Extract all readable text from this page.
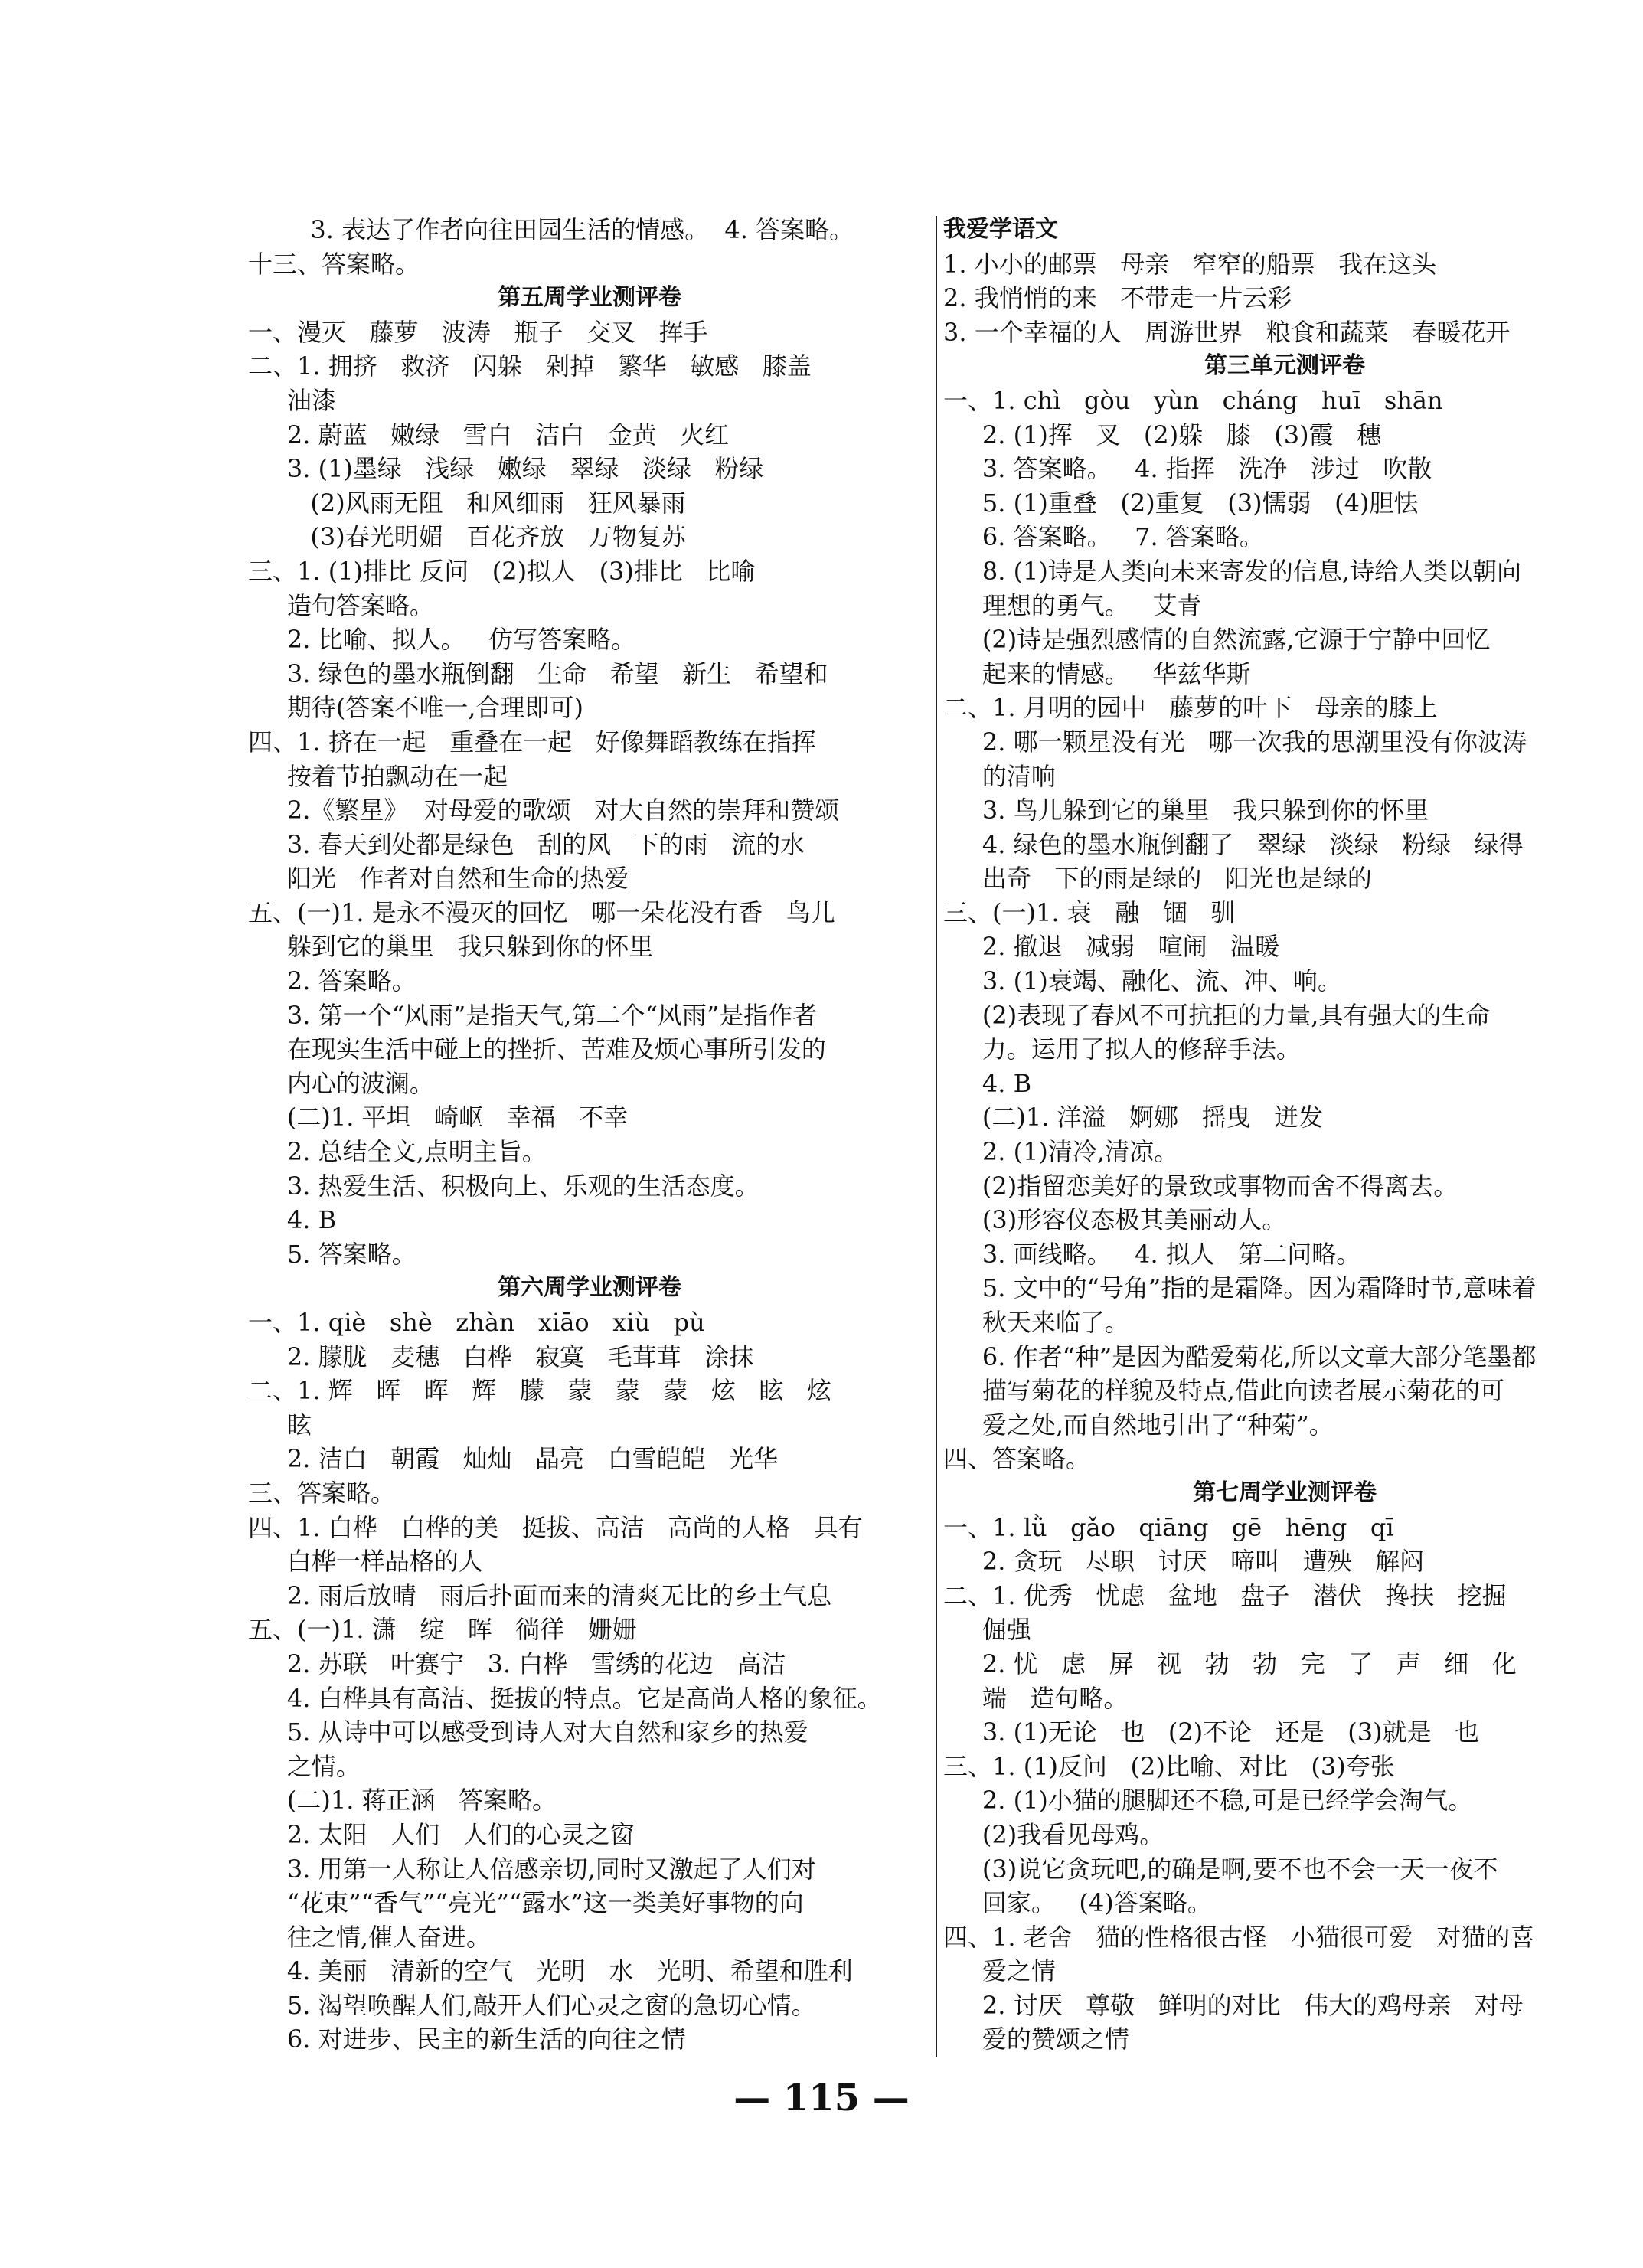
3. 表达了作者向往田园生活的情感。  4. 答案略。
十三、答案略。
第五周学业测评卷
一、漫灭   藤萝   波涛   瓶子   交叉   挥手
二、1. 拥挤   救济   闪躲   剁掉   繁华   敏感   膝盖
油漆
2. 蔚蓝   嫩绿   雪白   洁白   金黄   火红
3. (1)墨绿   浅绿   嫩绿   翠绿   淡绿   粉绿
(2)风雨无阻   和风细雨   狂风暴雨
(3)春光明媚   百花齐放   万物复苏
三、1. (1)排比 反问   (2)拟人   (3)排比   比喻
造句答案略。
2. 比喻、拟人。   仿写答案略。
3. 绿色的墨水瓶倒翻   生命   希望   新生   希望和
期待(答案不唯一,合理即可)
四、1. 挤在一起   重叠在一起   好像舞蹈教练在指挥
按着节拍飘动在一起
2.《繁星》  对母爱的歌颂   对大自然的崇拜和赞颂
3. 春天到处都是绿色   刮的风   下的雨   流的水
阳光   作者对自然和生命的热爱
五、(一)1. 是永不漫灭的回忆   哪一朵花没有香   鸟儿
躲到它的巢里   我只躲到你的怀里
2. 答案略。
3. 第一个“风雨”是指天气,第二个“风雨”是指作者
在现实生活中碰上的挫折、苦难及烦心事所引发的
内心的波澜。
(二)1. 平坦   崎岖   幸福   不幸
2. 总结全文,点明主旨。
3. 热爱生活、积极向上、乐观的生活态度。
4. B
5. 答案略。
第六周学业测评卷
一、1. qiè   shè   zhàn   xiāo   xiù   pù
2. 朦胧   麦穗   白桦   寂寞   毛茸茸   涂抹
二、1. 辉   晖   晖   辉   朦   蒙   蒙   蒙   炫   眩   炫
眩
2. 洁白   朝霞   灿灿   晶亮   白雪皑皑   光华
三、答案略。
四、1. 白桦   白桦的美   挺拔、高洁   高尚的人格   具有
白桦一样品格的人
2. 雨后放晴   雨后扑面而来的清爽无比的乡土气息
五、(一)1. 潇   绽   晖   徜徉   姗姗
2. 苏联   叶赛宁   3. 白桦   雪绣的花边   高洁
4. 白桦具有高洁、挺拔的特点。它是高尚人格的象征。
5. 从诗中可以感受到诗人对大自然和家乡的热爱
之情。
(二)1. 蒋正涵   答案略。
2. 太阳   人们   人们的心灵之窗
3. 用第一人称让人倍感亲切,同时又激起了人们对
“花束”“香气”“亮光”“露水”这一类美好事物的向
往之情,催人奋进。
4. 美丽   清新的空气   光明   水   光明、希望和胜利
5. 渴望唤醒人们,敲开人们心灵之窗的急切心情。
6. 对进步、民主的新生活的向往之情
我爱学语文
1. 小小的邮票   母亲   窄窄的船票   我在这头
2. 我悄悄的来   不带走一片云彩
3. 一个幸福的人   周游世界   粮食和蔬菜   春暖花开
第三单元测评卷
一、1. chì   gòu   yùn   cháng   huī   shān
2. (1)挥   叉   (2)躲   膝   (3)霞   穗
3. 答案略。   4. 指挥   洗净   涉过   吹散
5. (1)重叠   (2)重复   (3)懦弱   (4)胆怯
6. 答案略。   7. 答案略。
8. (1)诗是人类向未来寄发的信息,诗给人类以朝向
理想的勇气。   艾青
(2)诗是强烈感情的自然流露,它源于宁静中回忆
起来的情感。   华兹华斯
二、1. 月明的园中   藤萝的叶下   母亲的膝上
2. 哪一颗星没有光   哪一次我的思潮里没有你波涛
的清响
3. 鸟儿躲到它的巢里   我只躲到你的怀里
4. 绿色的墨水瓶倒翻了   翠绿   淡绿   粉绿   绿得
出奇   下的雨是绿的   阳光也是绿的
三、(一)1. 衰   融   锢   驯
2. 撤退   减弱   喧闹   温暖
3. (1)衰竭、融化、流、冲、响。
(2)表现了春风不可抗拒的力量,具有强大的生命
力。运用了拟人的修辞手法。
4. B
(二)1. 洋溢   婀娜   摇曳   迸发
2. (1)清冷,清凉。
(2)指留恋美好的景致或事物而舍不得离去。
(3)形容仪态极其美丽动人。
3. 画线略。   4. 拟人   第二问略。
5. 文中的“号角”指的是霜降。因为霜降时节,意味着
秋天来临了。
6. 作者“种”是因为酷爱菊花,所以文章大部分笔墨都
描写菊花的样貌及特点,借此向读者展示菊花的可
爱之处,而自然地引出了“种菊”。
四、答案略。
第七周学业测评卷
一、1. lǜ   gǎo   qiāng   gē   hēng   qī
2. 贪玩   尽职   讨厌   啼叫   遭殃   解闷
二、1. 优秀   忧虑   盆地   盘子   潜伏   搀扶   挖掘
倔强
2. 忧   虑   屏   视   勃   勃   完   了   声   细   化
端   造句略。
3. (1)无论   也   (2)不论   还是   (3)就是   也
三、1. (1)反问   (2)比喻、对比   (3)夸张
2. (1)小猫的腿脚还不稳,可是已经学会淘气。
(2)我看见母鸡。
(3)说它贪玩吧,的确是啊,要不也不会一天一夜不
回家。   (4)答案略。
四、1. 老舍   猫的性格很古怪   小猫很可爱   对猫的喜
爱之情
2. 讨厌   尊敬   鲜明的对比   伟大的鸡母亲   对母
爱的赞颂之情
— 115 —
